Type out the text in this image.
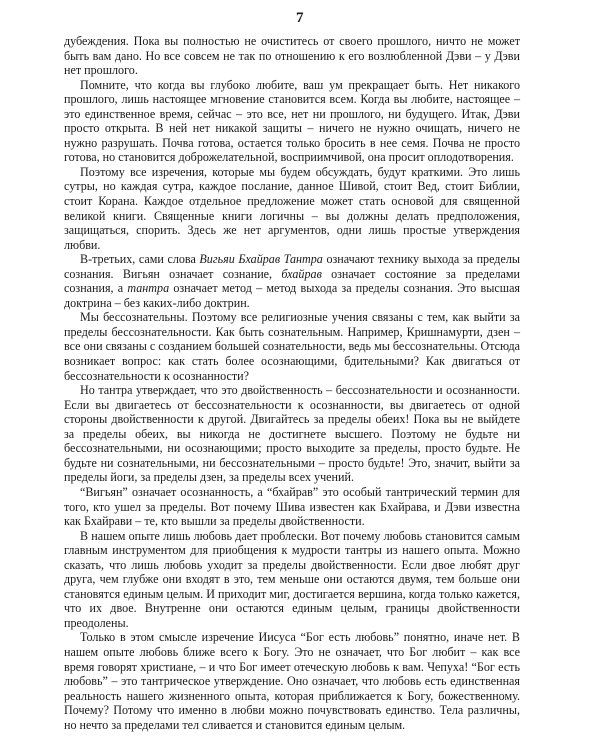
7

дубеждения. Пока вы полностью не очиститесь от своего прошлого, ничто не может быть вам дано. Но все совсем не так по отношению к его возлюбленной Дэви – у Дэви нет прошлого.

Помните, что когда вы глубоко любите, ваш ум прекращает быть. Нет никакого прошлого, лишь настоящее мгновение становится всем. Когда вы любите, настоящее – это единственное время, сейчас – это все, нет ни прошлого, ни будущего. Итак, Дэви просто открыта. В ней нет никакой защиты – ничего не нужно очищать, ничего не нужно разрушать. Почва готова, остается только бросить в нее семя. Почва не просто готова, но становится доброжелательной, восприимчивой, она просит оплодотворения.

Поэтому все изречения, которые мы будем обсуждать, будут краткими. Это лишь сутры, но каждая сутра, каждое послание, данное Шивой, стоит Вед, стоит Библии, стоит Корана. Каждое отдельное предложение может стать основой для священной великой книги. Священные книги логичны – вы должны делать предположения, защищаться, спорить. Здесь же нет аргументов, одни лишь простые утверждения любви.

В-третьих, сами слова Вигьяи Бхайрав Тантра означают технику выхода за пределы сознания. Вигьян означает сознание, бхайрав означает состояние за пределами сознания, а тантра означает метод – метод выхода за пределы сознания. Это высшая доктрина – без каких-либо доктрин.

Мы бессознательны. Поэтому все религиозные учения связаны с тем, как выйти за пределы бессознательности. Как быть сознательным. Например, Кришнамурти, дзен – все они связаны с созданием большей сознательности, ведь мы бессознательны. Отсюда возникает вопрос: как стать более осознающими, бдительными? Как двигаться от бессознательности к осознанности?

Но тантра утверждает, что это двойственность – бессознательности и осознанности. Если вы двигаетесь от бессознательности к осознанности, вы двигаетесь от одной стороны двойственности к другой. Двигайтесь за пределы обеих! Пока вы не выйдете за пределы обеих, вы никогда не достигнете высшего. Поэтому не будьте ни бессознательными, ни осознающими; просто выходите за пределы, просто будьте. Не будьте ни сознательными, ни бессознательными – просто будьте! Это, значит, выйти за пределы йоги, за пределы дзен, за пределы всех учений.

“Вигьян” означает осознанность, а “бхайрав” это особый тантрический термин для того, кто ушел за пределы. Вот почему Шива известен как Бхайрава, и Дэви известна как Бхайрави – те, кто вышли за пределы двойственности.

В нашем опыте лишь любовь дает проблески. Вот почему любовь становится самым главным инструментом для приобщения к мудрости тантры из нашего опыта. Можно сказать, что лишь любовь уходит за пределы двойственности. Если двое любят друг друга, чем глубже они входят в это, тем меньше они остаются двумя, тем больше они становятся единым целым. И приходит миг, достигается вершина, когда только кажется, что их двое. Внутренне они остаются единым целым, границы двойственности преодолены.

Только в этом смысле изречение Иисуса “Бог есть любовь” понятно, иначе нет. В нашем опыте любовь ближе всего к Богу. Это не означает, что Бог любит – как все время говорят христиане, – и что Бог имеет отеческую любовь к вам. Чепуха! “Бог есть любовь” – это тантрическое утверждение. Оно означает, что любовь есть единственная реальность нашего жизненного опыта, которая приближается к Богу, божественному. Почему? Потому что именно в любви можно почувствовать единство. Тела различны, но нечто за пределами тел сливается и становится единым целым.
